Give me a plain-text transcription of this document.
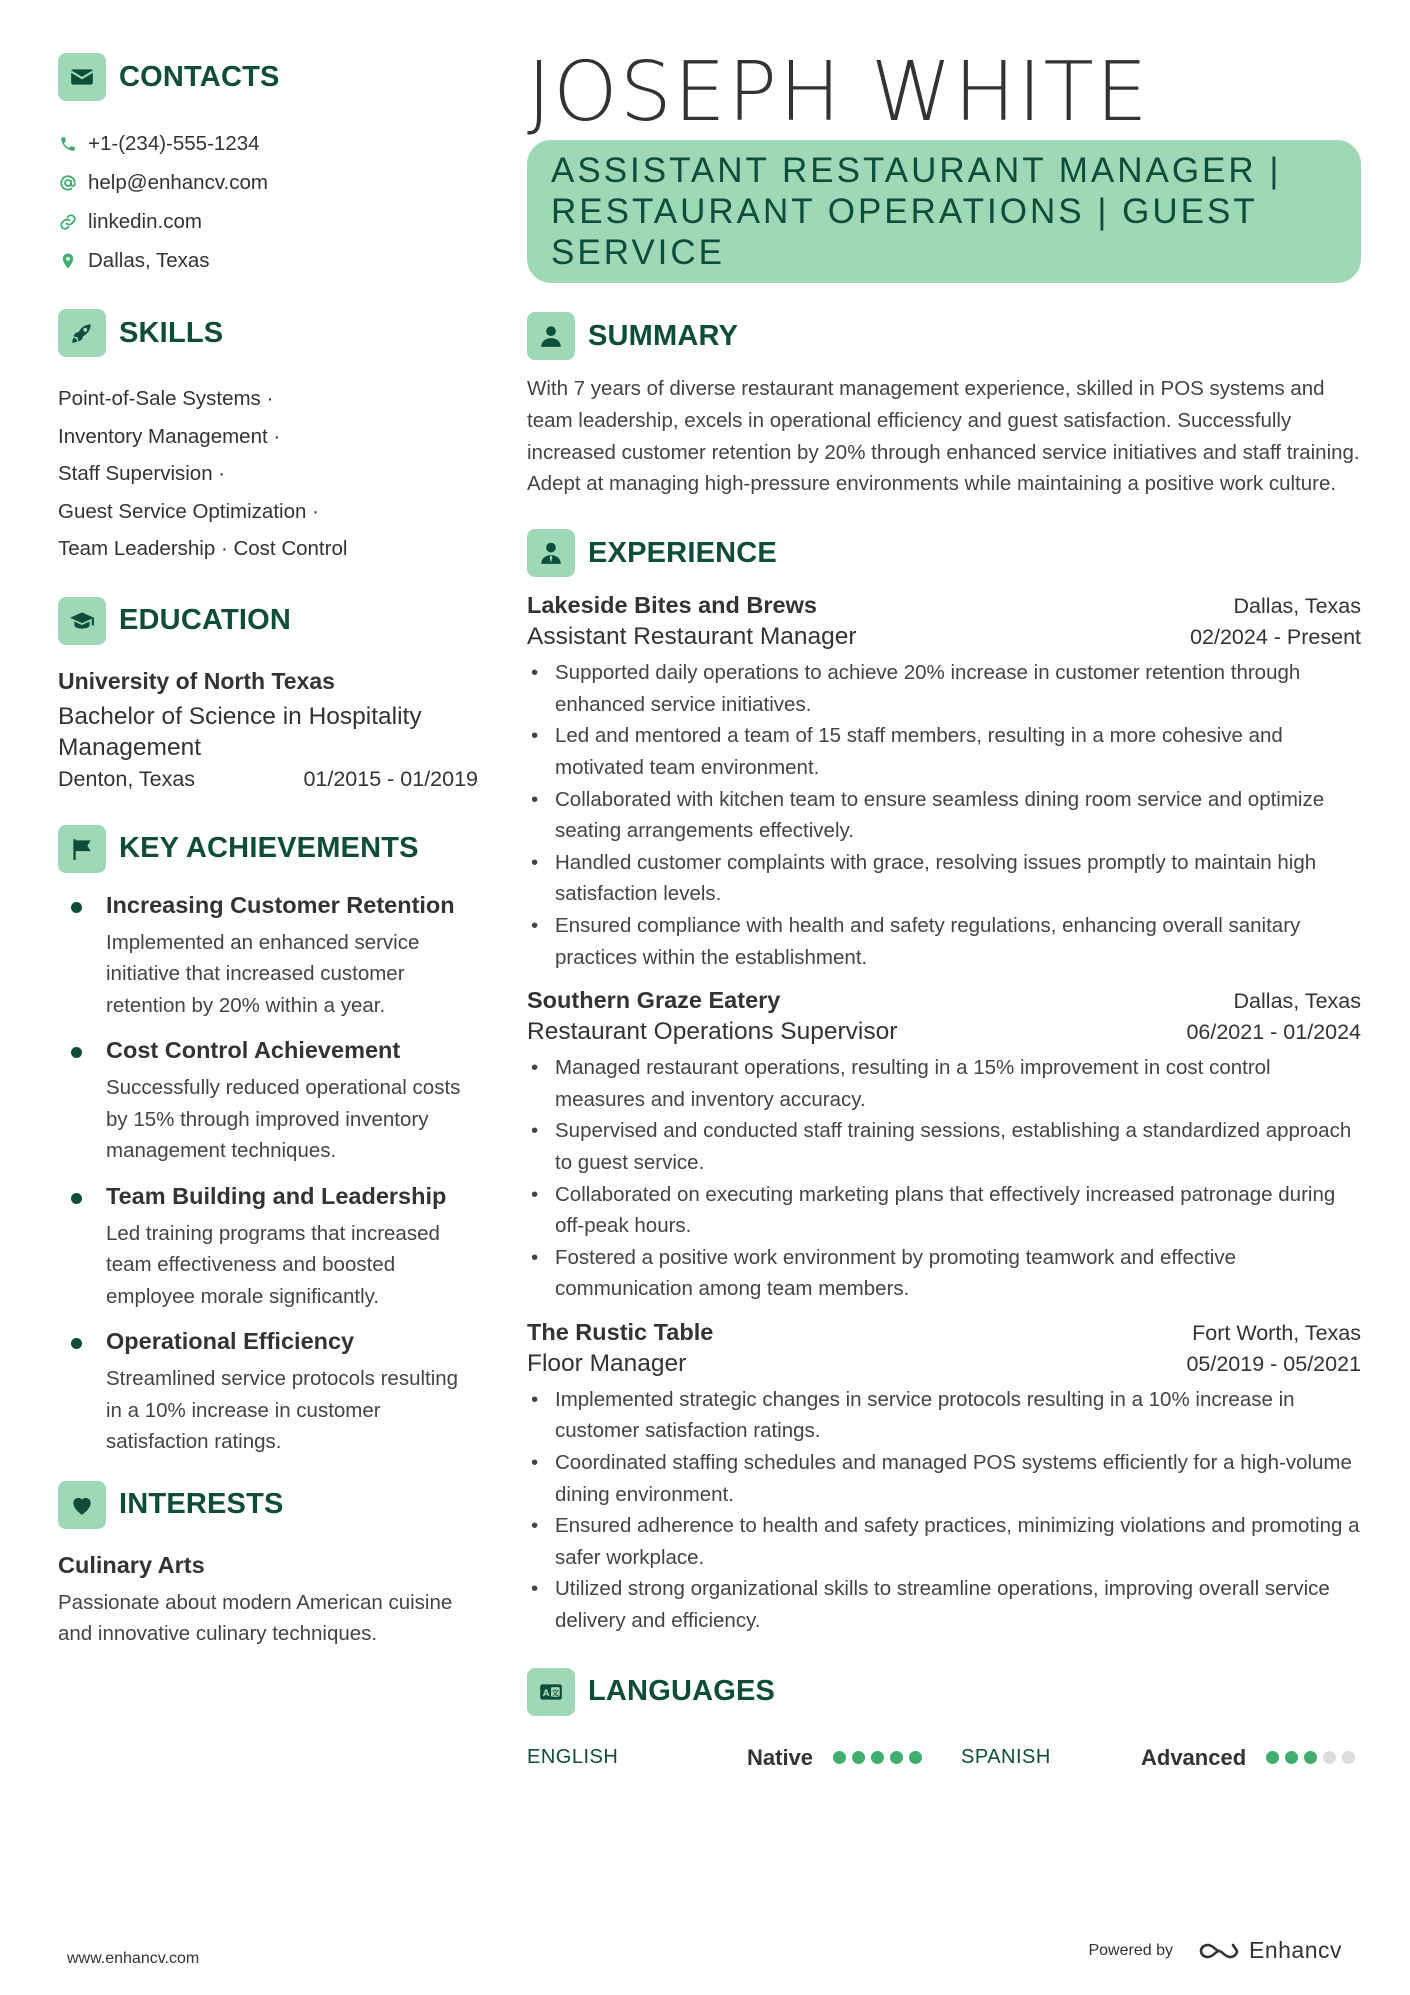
CONTACTS
+1-(234)-555-1234
help@enhancv.com
linkedin.com
Dallas, Texas
SKILLS
Point-of-Sale Systems ·
Inventory Management ·
Staff Supervision ·
Guest Service Optimization ·
Team Leadership · Cost Control
EDUCATION
University of North Texas
Bachelor of Science in Hospitality Management
Denton, Texas	01/2015 - 01/2019
KEY ACHIEVEMENTS
Increasing Customer Retention
Implemented an enhanced service initiative that increased customer retention by 20% within a year.
Cost Control Achievement
Successfully reduced operational costs by 15% through improved inventory management techniques.
Team Building and Leadership
Led training programs that increased team effectiveness and boosted employee morale significantly.
Operational Efficiency
Streamlined service protocols resulting in a 10% increase in customer satisfaction ratings.
INTERESTS
Culinary Arts
Passionate about modern American cuisine and innovative culinary techniques.
JOSEPH WHITE
ASSISTANT RESTAURANT MANAGER | RESTAURANT OPERATIONS | GUEST SERVICE
SUMMARY
With 7 years of diverse restaurant management experience, skilled in POS systems and team leadership, excels in operational efficiency and guest satisfaction. Successfully increased customer retention by 20% through enhanced service initiatives and staff training. Adept at managing high-pressure environments while maintaining a positive work culture.
EXPERIENCE
Lakeside Bites and Brews	Dallas, Texas
Assistant Restaurant Manager	02/2024 - Present
• Supported daily operations to achieve 20% increase in customer retention through enhanced service initiatives.
• Led and mentored a team of 15 staff members, resulting in a more cohesive and motivated team environment.
• Collaborated with kitchen team to ensure seamless dining room service and optimize seating arrangements effectively.
• Handled customer complaints with grace, resolving issues promptly to maintain high satisfaction levels.
• Ensured compliance with health and safety regulations, enhancing overall sanitary practices within the establishment.
Southern Graze Eatery	Dallas, Texas
Restaurant Operations Supervisor	06/2021 - 01/2024
• Managed restaurant operations, resulting in a 15% improvement in cost control measures and inventory accuracy.
• Supervised and conducted staff training sessions, establishing a standardized approach to guest service.
• Collaborated on executing marketing plans that effectively increased patronage during off-peak hours.
• Fostered a positive work environment by promoting teamwork and effective communication among team members.
The Rustic Table	Fort Worth, Texas
Floor Manager	05/2019 - 05/2021
• Implemented strategic changes in service protocols resulting in a 10% increase in customer satisfaction ratings.
• Coordinated staffing schedules and managed POS systems efficiently for a high-volume dining environment.
• Ensured adherence to health and safety practices, minimizing violations and promoting a safer workplace.
• Utilized strong organizational skills to streamline operations, improving overall service delivery and efficiency.
A 文 LANGUAGES
ENGLISH	Native	SPANISH	Advanced
www.enhancv.com	Powered by	Enhancv
